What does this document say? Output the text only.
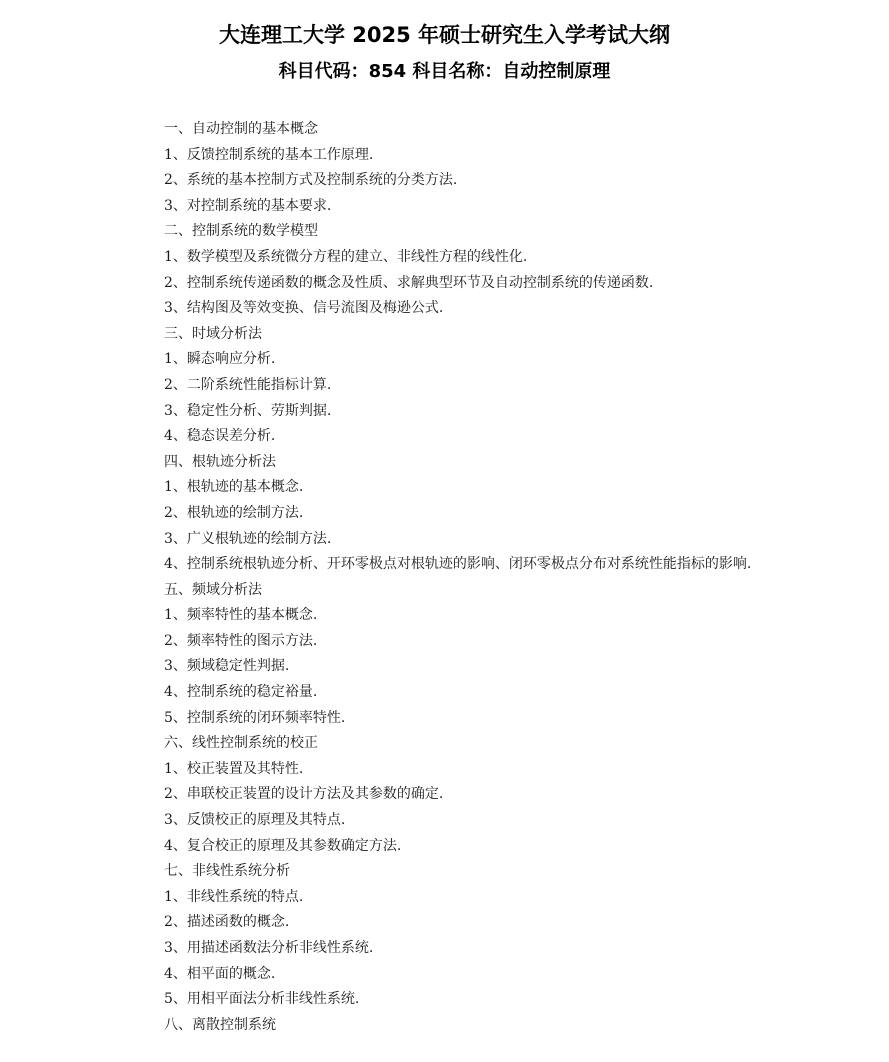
大连理工大学 2025 年硕士研究生入学考试大纲
科目代码：854 科目名称：自动控制原理
一、自动控制的基本概念
1、反馈控制系统的基本工作原理.
2、系统的基本控制方式及控制系统的分类方法.
3、对控制系统的基本要求.
二、控制系统的数学模型
1、数学模型及系统微分方程的建立、非线性方程的线性化.
2、控制系统传递函数的概念及性质、求解典型环节及自动控制系统的传递函数.
3、结构图及等效变换、信号流图及梅逊公式.
三、时域分析法
1、瞬态响应分析.
2、二阶系统性能指标计算.
3、稳定性分析、劳斯判据.
4、稳态误差分析.
四、根轨迹分析法
1、根轨迹的基本概念.
2、根轨迹的绘制方法.
3、广义根轨迹的绘制方法.
4、控制系统根轨迹分析、开环零极点对根轨迹的影响、闭环零极点分布对系统性能指标的影响.
五、频域分析法
1、频率特性的基本概念.
2、频率特性的图示方法.
3、频域稳定性判据.
4、控制系统的稳定裕量.
5、控制系统的闭环频率特性.
六、线性控制系统的校正
1、校正装置及其特性.
2、串联校正装置的设计方法及其参数的确定.
3、反馈校正的原理及其特点.
4、复合校正的原理及其参数确定方法.
七、非线性系统分析
1、非线性系统的特点.
2、描述函数的概念.
3、用描述函数法分析非线性系统.
4、相平面的概念.
5、用相平面法分析非线性系统.
八、离散控制系统
